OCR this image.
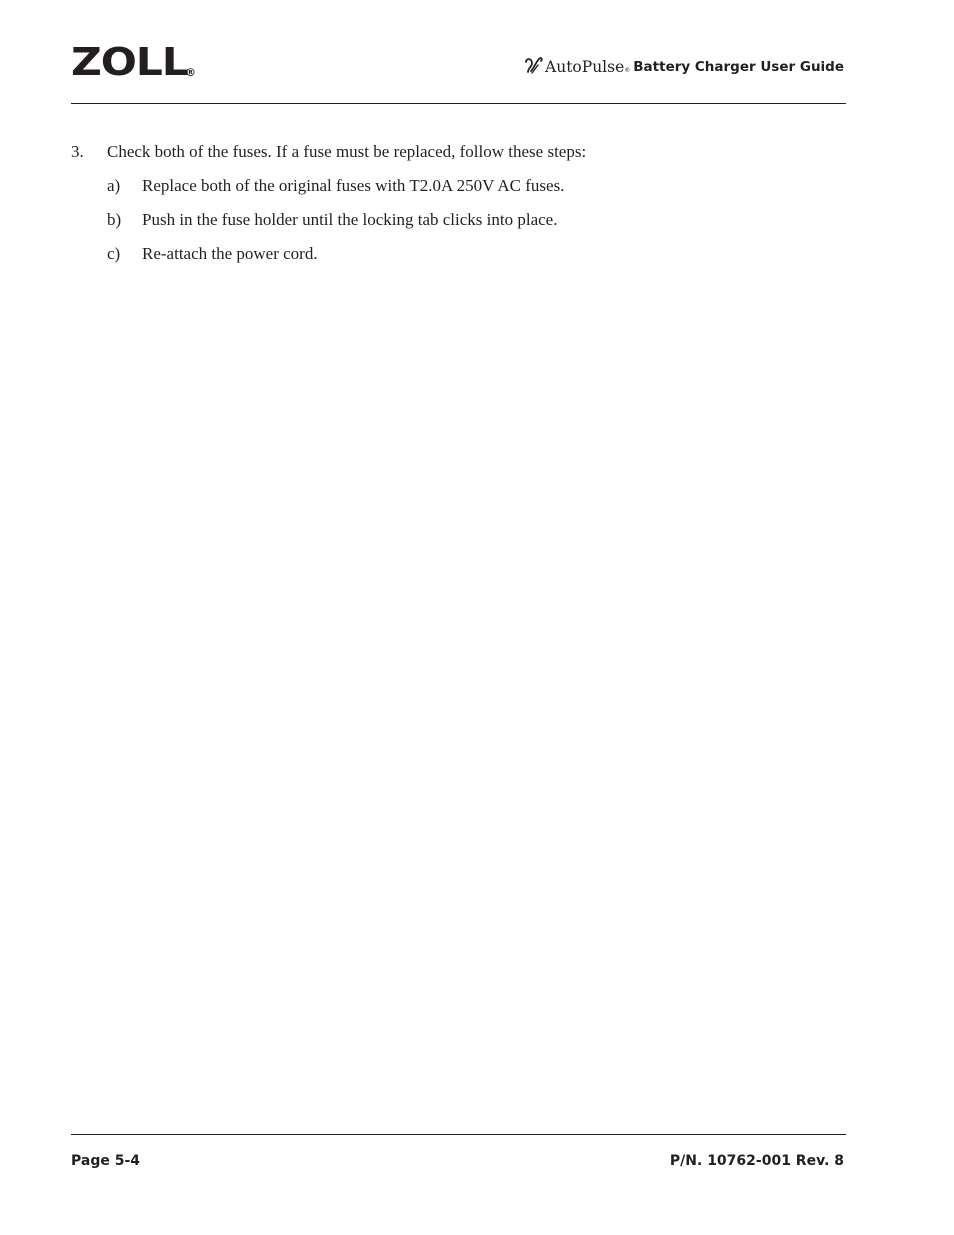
ZOLL
®	AutoPulse ® Battery Charger User Guide
3. Check both of the fuses. If a fuse must be replaced, follow these steps:
a) Replace both of the original fuses with T2.0A 250V AC fuses.
b) Push in the fuse holder until the locking tab clicks into place.
c) Re-attach the power cord.
Page 5-4	P/N. 10762-001 Rev. 8
